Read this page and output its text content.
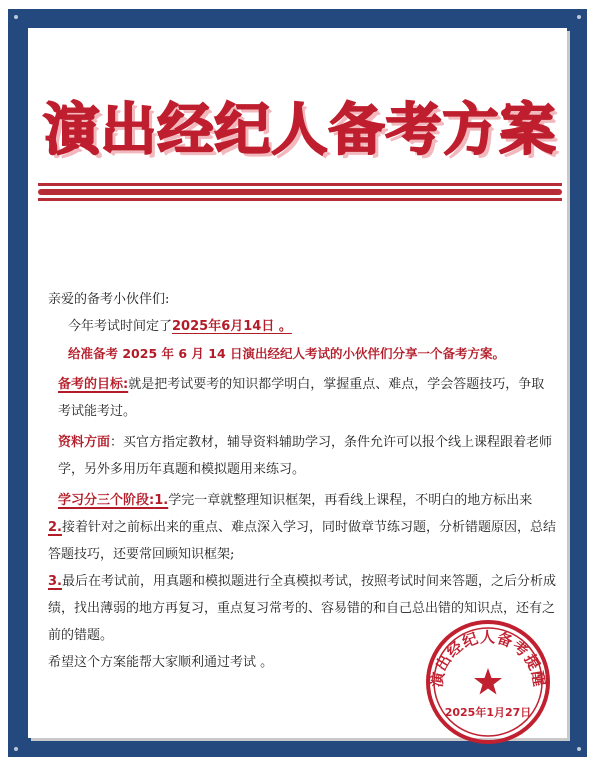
演出经纪人备考方案

亲爱的备考小伙伴们:

今年考试时间定了2025年6月14日 。

给准备考 2025 年 6 月 14 日演出经纪人考试的小伙伴们分享一个备考方案。

备考的目标:就是把考试要考的知识都学明白，掌握重点、难点，学会答题技巧，争取考试能考过。

资料方面：买官方指定教材，辅导资料辅助学习，条件允许可以报个线上课程跟着老师学，另外多用历年真题和模拟题用来练习。

学习分三个阶段:1.学完一章就整理知识框架，再看线上课程，不明白的地方标出来

2.接着针对之前标出来的重点、难点深入学习，同时做章节练习题，分析错题原因，总结答题技巧，还要常回顾知识框架;

3.最后在考试前，用真题和模拟题进行全真模拟考试，按照考试时间来答题，之后分析成绩，找出薄弱的地方再复习，重点复习常考的、容易错的和自己总出错的知识点，还有之前的错题。

希望这个方案能帮大家顺利通过考试 。

演出经纪人备考提醒
2025年1月27日
